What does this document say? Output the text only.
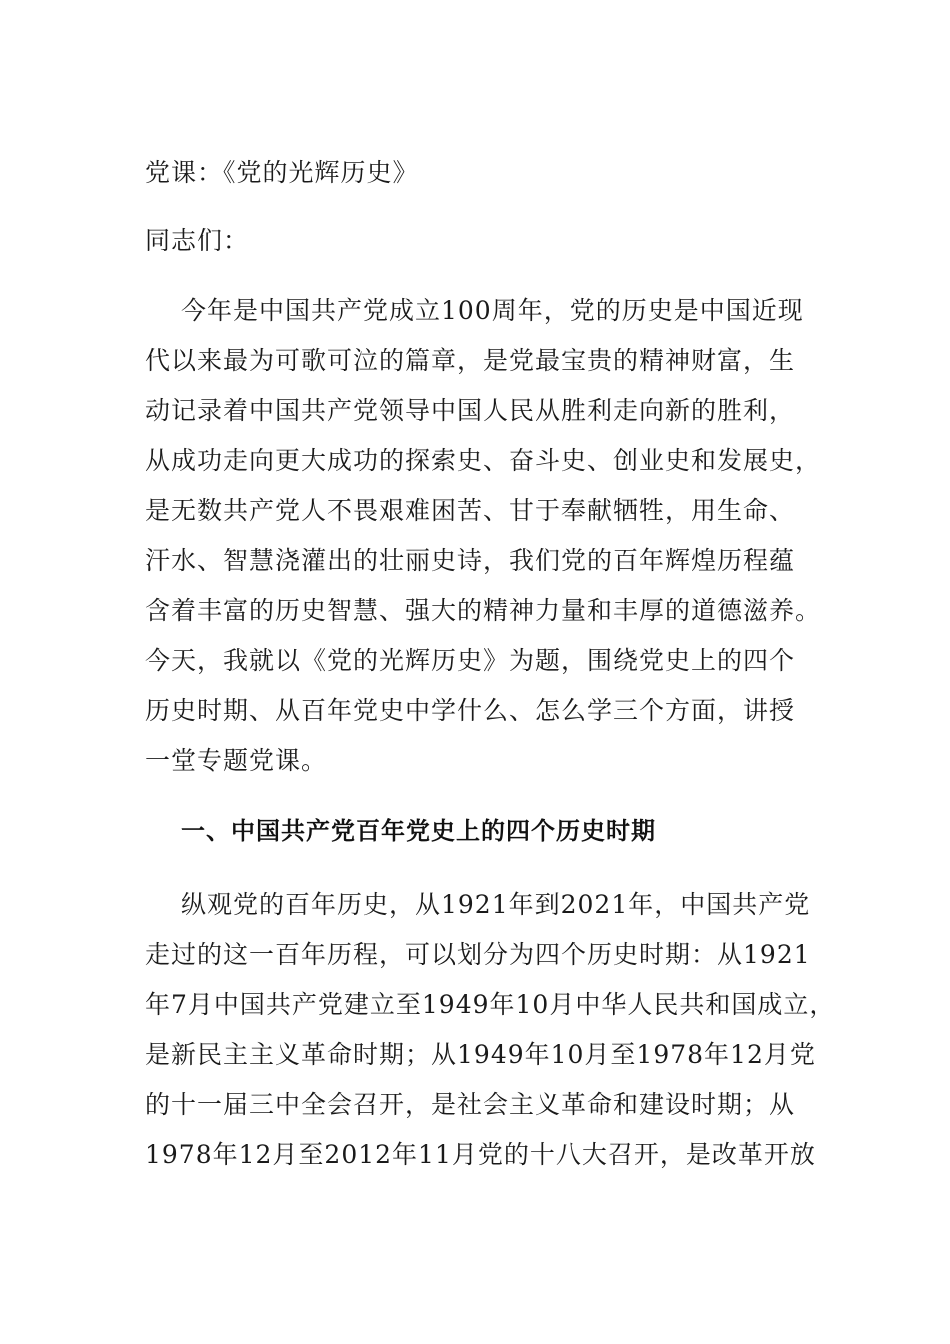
党课：《党的光辉历史》
同志们：
今年是中国共产党成立100周年，党的历史是中国近现
代以来最为可歌可泣的篇章，是党最宝贵的精神财富，生
动记录着中国共产党领导中国人民从胜利走向新的胜利，
从成功走向更大成功的探索史、奋斗史、创业史和发展史，
是无数共产党人不畏艰难困苦、甘于奉献牺牲，用生命、
汗水、智慧浇灌出的壮丽史诗，我们党的百年辉煌历程蕴
含着丰富的历史智慧、强大的精神力量和丰厚的道德滋养。
今天，我就以《党的光辉历史》为题，围绕党史上的四个
历史时期、从百年党史中学什么、怎么学三个方面，讲授
一堂专题党课。
一、中国共产党百年党史上的四个历史时期
纵观党的百年历史，从1921年到2021年，中国共产党
走过的这一百年历程，可以划分为四个历史时期：从1921
年7月中国共产党建立至1949年10月中华人民共和国成立，
是新民主主义革命时期；从1949年10月至1978年12月党
的十一届三中全会召开，是社会主义革命和建设时期；从
1978年12月至2012年11月党的十八大召开，是改革开放
